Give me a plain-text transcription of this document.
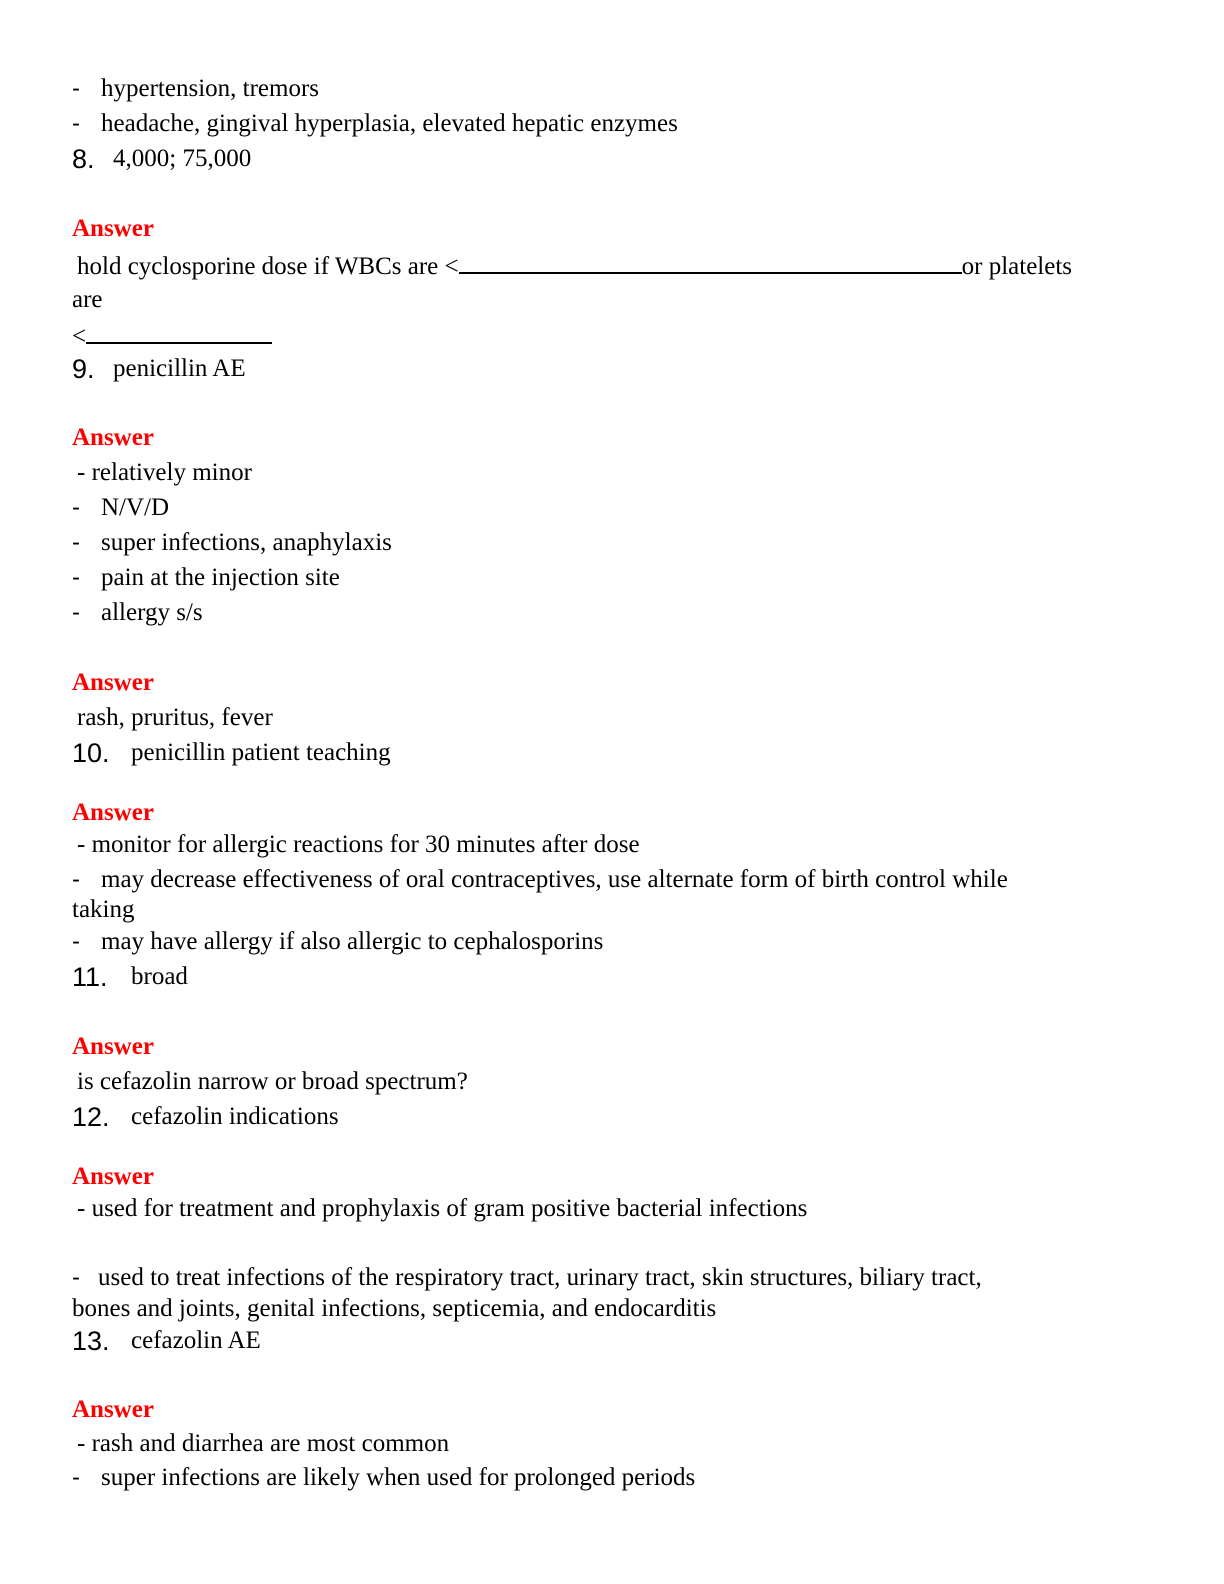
- hypertension, tremors
- headache, gingival hyperplasia, elevated hepatic enzymes
8. 4,000; 75,000
Answer
hold cyclosporine dose if WBCs are <	or platelets
are
<
9. penicillin AE
Answer
- relatively minor
- N/V/D
- super infections, anaphylaxis
- pain at the injection site
- allergy s/s
Answer
rash, pruritus, fever
10. penicillin patient teaching
Answer
- monitor for allergic reactions for 30 minutes after dose
- may decrease effectiveness of oral contraceptives, use alternate form of birth control while
taking
- may have allergy if also allergic to cephalosporins
11. broad
Answer
is cefazolin narrow or broad spectrum?
12. cefazolin indications
Answer
- used for treatment and prophylaxis of gram positive bacterial infections
- used to treat infections of the respiratory tract, urinary tract, skin structures, biliary tract,
bones and joints, genital infections, septicemia, and endocarditis
13. cefazolin AE
Answer
- rash and diarrhea are most common
- super infections are likely when used for prolonged periods
